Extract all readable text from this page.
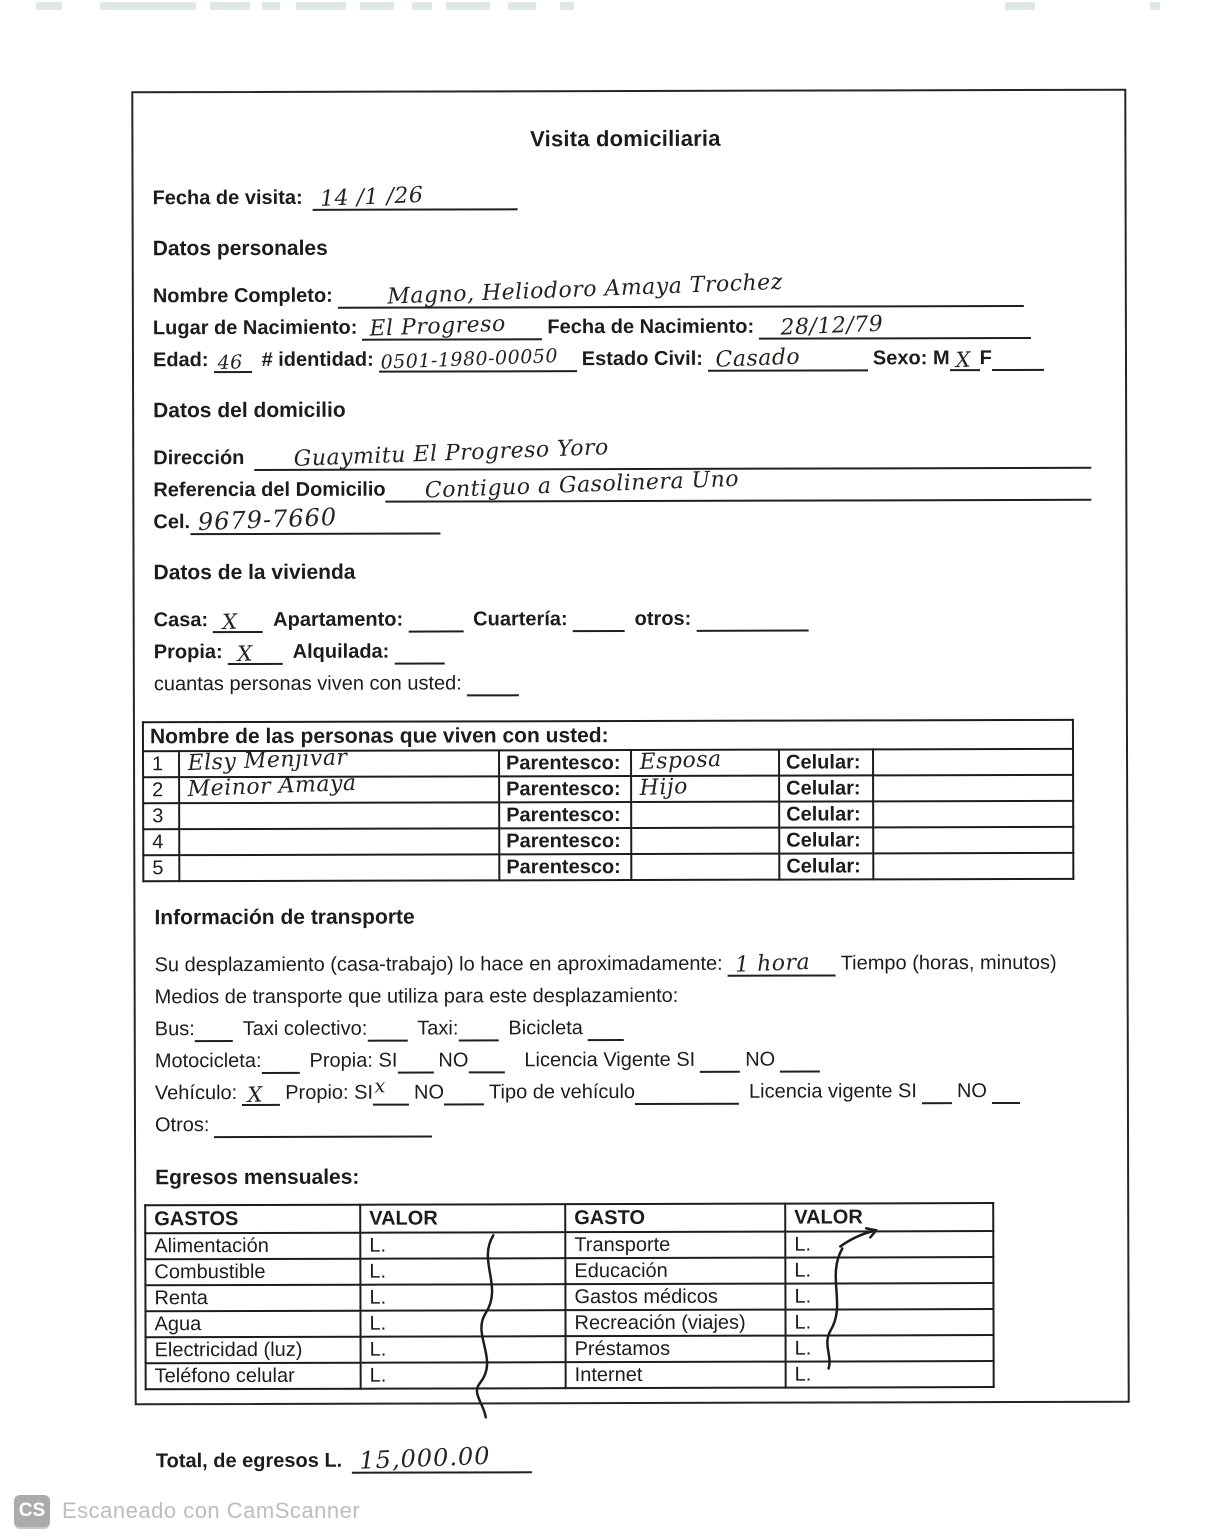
Visita domiciliaria
Fecha de visita: 14 /1 /26
Datos personales
Nombre Completo: Magno, Heliodoro Amaya Trochez
Lugar de Nacimiento: El Progreso Fecha de Nacimiento: 28/12/79
Edad: 46 # identidad: 0501-1980-00050 Estado Civil: Casado	Sexo: M X F
Datos del domicilio
Dirección Guaymitu El Progreso Yoro
Referencia del Domicilio Contiguo a Gasolinera Uno
Cel. 9679-7660
Datos de la vivienda
Casa: X Apartamento:	Cuartería:	otros:
Propia: X Alquilada:
cuantas personas viven con usted:
Nombre de las personas que viven con usted:					
1	Elsy Menjivar	Parentesco:	Esposa	Celular:	
2	Meinor Amaya	Parentesco:	Hijo	Celular:	
3		Parentesco:		Celular:	
4		Parentesco:		Celular:	
5		Parentesco:		Celular:	
Información de transporte
Su desplazamiento (casa-trabajo) lo hace en aproximadamente: 1 hora Tiempo (horas, minutos)
Medios de transporte que utiliza para este desplazamiento:
Bus: Taxi colectivo: Taxi: Bicicleta
Motocicleta: Propia: SI NO	Licencia Vigente SI NO
Vehículo: X Propio: SI x NO Tipo de vehículo	Licencia vigente SI NO
Otros:
Egresos mensuales:
GASTOS	VALOR	GASTO	VALOR
Alimentación	L.	Transporte	L.
Combustible	L.	Educación	L.
Renta	L.	Gastos médicos	L.
Agua	L.	Recreación (viajes)	L.
Electricidad (luz)	L.	Préstamos	L.
Teléfono celular	L.	Internet	L.
Total, de egresos L. 15,000.00
CS Escaneado con CamScanner
